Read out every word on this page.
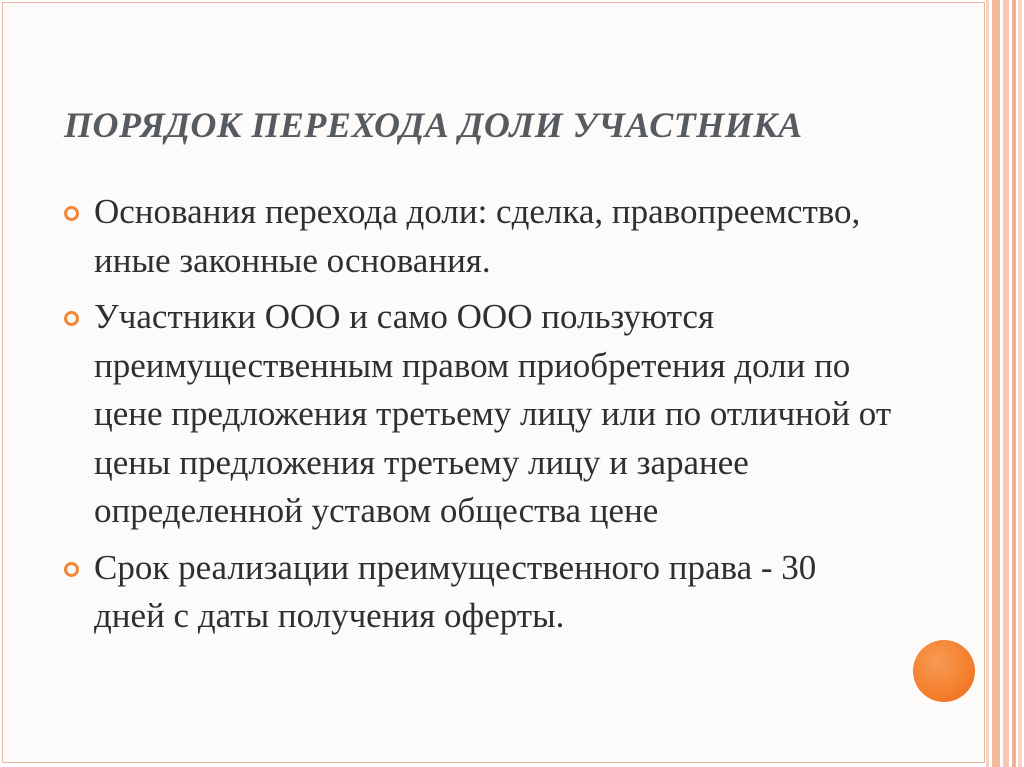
ПОРЯДОК ПЕРЕХОДА ДОЛИ УЧАСТНИКА
Основания перехода доли: сделка, правопреемство, иные законные основания.
Участники ООО и само ООО пользуются преимущественным правом приобретения доли по цене предложения третьему лицу или по отличной от цены предложения третьему лицу и заранее определенной уставом общества цене
Срок реализации преимущественного права - 30 дней с даты получения оферты.
